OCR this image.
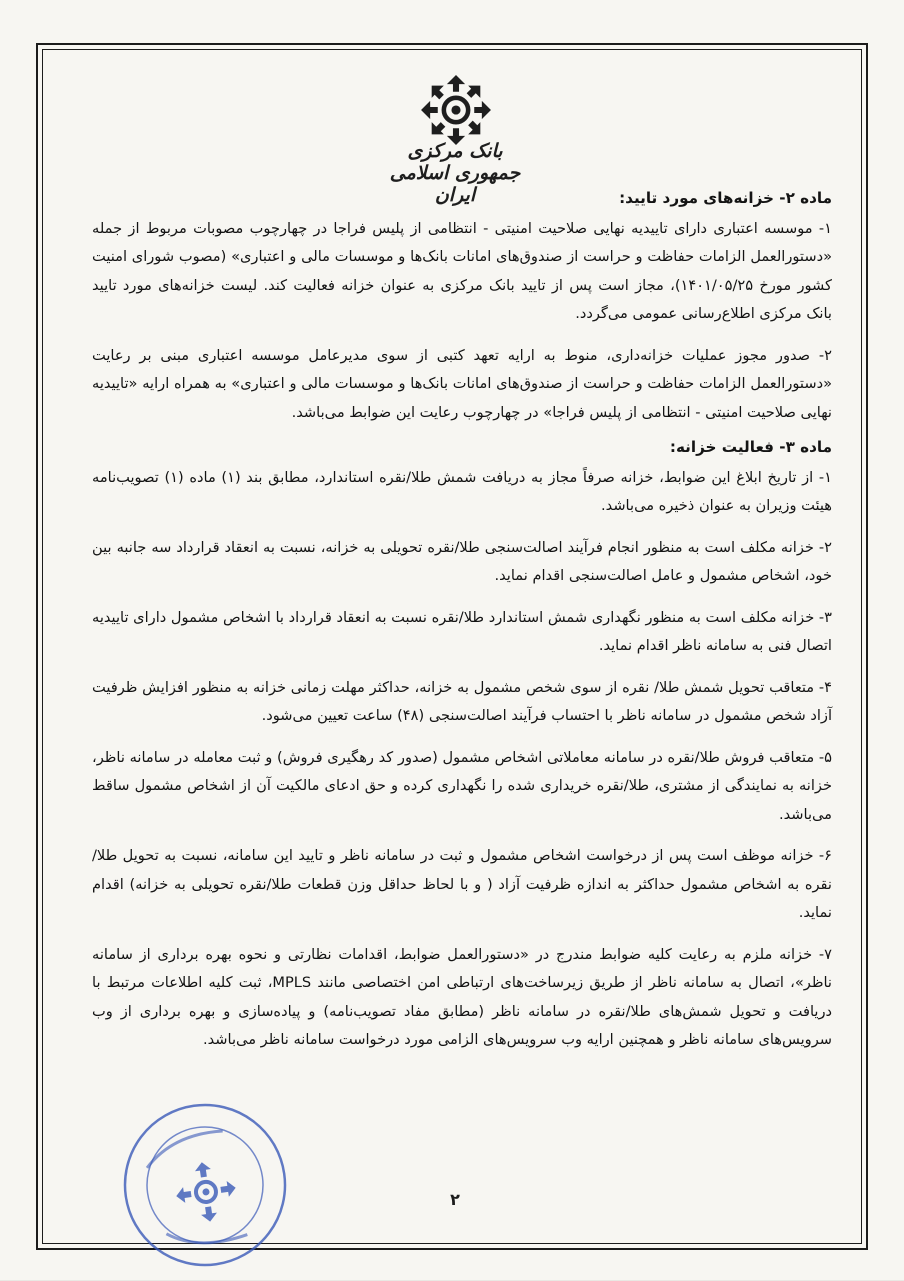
بانک مرکزی جمهوری اسلامی ایران	ماده ۲- خزانه‌های مورد تایید:

۱- موسسه اعتباری دارای تاییدیه نهایی صلاحیت امنیتی - انتظامی از پلیس فراجا در چهارچوب مصوبات مربوط از جمله «دستورالعمل الزامات حفاظت و حراست از صندوق‌های امانات بانک‌ها و موسسات مالی و اعتباری» (مصوب شورای امنیت کشور مورخ ۱۴۰۱/۰۵/۲۵)، مجاز است پس از تایید بانک مرکزی به عنوان خزانه فعالیت کند. لیست خزانه‌های مورد تایید بانک مرکزی اطلاع‌رسانی عمومی می‌گردد.

۲- صدور مجوز عملیات خزانه‌داری، منوط به ارایه تعهد کتبی از سوی مدیرعامل موسسه اعتباری مبنی بر رعایت «دستورالعمل الزامات حفاظت و حراست از صندوق‌های امانات بانک‌ها و موسسات مالی و اعتباری» به همراه ارایه «تاییدیه نهایی صلاحیت امنیتی - انتظامی از پلیس فراجا» در چهارچوب رعایت این ضوابط می‌باشد.

ماده ۳- فعالیت خزانه:

۱- از تاریخ ابلاغ این ضوابط، خزانه صرفاً مجاز به دریافت شمش طلا/نقره استاندارد، مطابق بند (۱) ماده (۱) تصویب‌نامه هیئت وزیران به عنوان ذخیره می‌باشد.

۲- خزانه مکلف است به منظور انجام فرآیند اصالت‌سنجی طلا/نقره تحویلی به خزانه، نسبت به انعقاد قرارداد سه جانبه بین خود، اشخاص مشمول و عامل اصالت‌سنجی اقدام نماید.

۳- خزانه مکلف است به منظور نگهداری شمش استاندارد طلا/نقره نسبت به انعقاد قرارداد با اشخاص مشمول دارای تاییدیه اتصال فنی به سامانه ناظر اقدام نماید.

۴- متعاقب تحویل شمش طلا/ نقره از سوی شخص مشمول به خزانه، حداکثر مهلت زمانی خزانه به منظور افزایش ظرفیت آزاد شخص مشمول در سامانه ناظر با احتساب فرآیند اصالت‌سنجی (۴۸) ساعت تعیین می‌شود.

۵- متعاقب فروش طلا/نقره در سامانه معاملاتی اشخاص مشمول (صدور کد رهگیری فروش) و ثبت معامله در سامانه ناظر، خزانه به نمایندگی از مشتری، طلا/نقره خریداری شده را نگهداری کرده و حق ادعای مالکیت آن از اشخاص مشمول ساقط می‌باشد.

۶- خزانه موظف است پس از درخواست اشخاص مشمول و ثبت در سامانه ناظر و تایید این سامانه، نسبت به تحویل طلا/نقره به اشخاص مشمول حداکثر به اندازه ظرفیت آزاد ( و با لحاظ حداقل وزن قطعات طلا/نقره تحویلی به خزانه) اقدام نماید.

۷- خزانه ملزم به رعایت کلیه ضوابط مندرج در «دستورالعمل ضوابط، اقدامات نظارتی و نحوه بهره برداری از سامانه ناظر»، اتصال به سامانه ناظر از طریق زیرساخت‌های ارتباطی امن اختصاصی مانند MPLS، ثبت کلیه اطلاعات مرتبط با دریافت و تحویل شمش‌های طلا/نقره در سامانه ناظر (مطابق مفاد تصویب‌نامه) و پیاده‌سازی و بهره برداری از وب سرویس‌های سامانه ناظر و همچنین ارایه وب سرویس‌های الزامی مورد درخواست سامانه ناظر می‌باشد.

۲
